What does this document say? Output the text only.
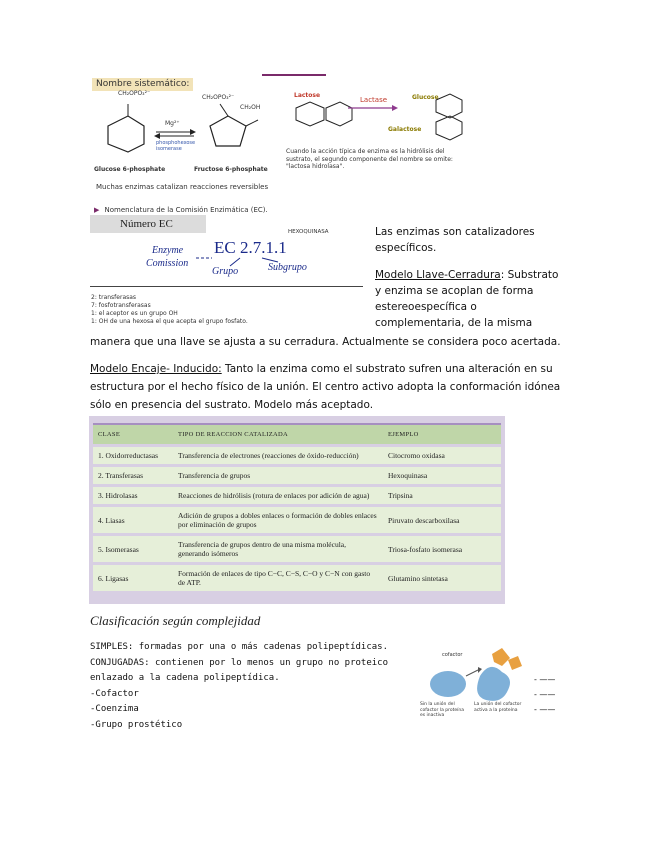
Nombre sistemático:
CH₂OPO₃²⁻
CH₂OPO₃²⁻
CH₂OH
Mg²⁺
phosphohexose isomerase
Glucose 6-phosphate	Fructose 6-phosphate
Muchas enzimas catalizan reacciones reversibles
▶ Nomenclatura de la Comisión Enzimática (EC).
Número EC
HEXOQUINASA
EC 2.7.1.1
Enzyme
Comission
Grupo	Subgrupo
2: transferasas
7: fosfotransferasas
1: el aceptor es un grupo OH
1: OH de una hexosa el que acepta el grupo fosfato.
Lactose
Lactase	Glucose
Galactose
Cuando la acción típica de enzima es la hidrólisis del sustrato, el segundo componente del nombre se omite: "lactosa hidrolasa".
Las enzimas son catalizadores
específicos.
Modelo Llave-Cerradura: Substrato
y enzima se acoplan de forma
estereoespecífica o
complementaria, de la misma
manera que una llave se ajusta a su cerradura. Actualmente se considera poco acertada.
Modelo Encaje- Inducido: Tanto la enzima como el substrato sufren una alteración en su
estructura por el hecho físico de la unión. El centro activo adopta la conformación idónea
sólo en presencia del sustrato. Modelo más aceptado.
CLASE	TIPO DE REACCION CATALIZADA	EJEMPLO
1. Oxidorreductasas	Transferencia de electrones (reacciones de óxido-reducción)	Citocromo oxidasa
2. Transferasas	Transferencia de grupos	Hexoquinasa
3. Hidrolasas	Reacciones de hidrólisis (rotura de enlaces por adición de agua)	Tripsina
4. Liasas	Adición de grupos a dobles enlaces o formación de dobles enlaces por eliminación de grupos	Piruvato descarboxilasa
5. Isomerasas	Transferencia de grupos dentro de una misma molécula, generando isómeros	Triosa-fosfato isomerasa
6. Ligasas	Formación de enlaces de tipo C−C, C−S, C−O y C−N con gasto de ATP.	Glutamino sintetasa
Clasificación según complejidad
SIMPLES: formadas por una o más cadenas polipeptídicas.
CONJUGADAS: contienen por lo menos un grupo no proteico
enlazado a la cadena polipeptídica.
-Cofactor
-Coenzima
-Grupo prostético
cofactor
Sin la unión del cofactor la proteína es inactiva
La unión del cofactor activa a la proteína
- ——
- ——
- ——
